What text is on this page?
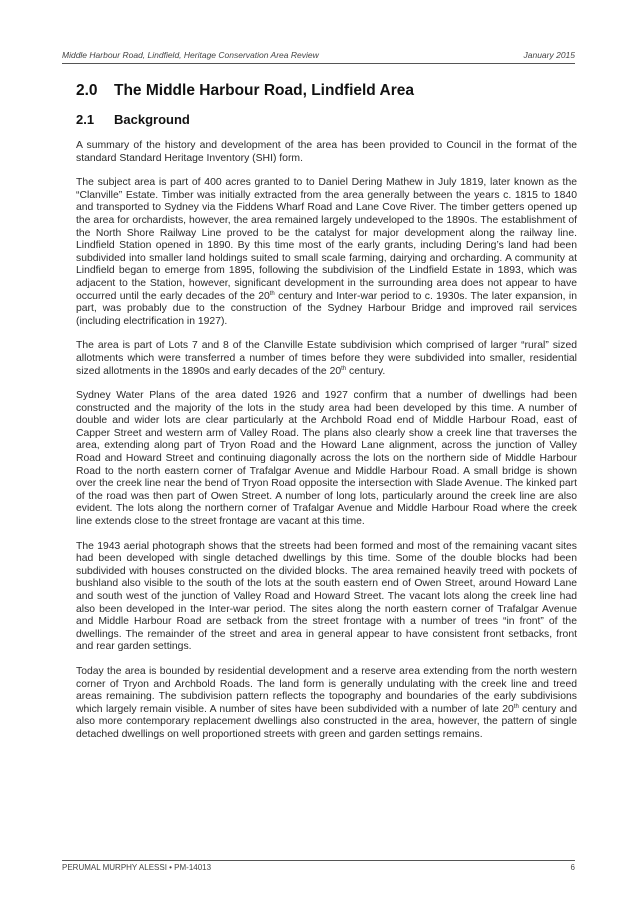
Middle Harbour Road, Lindfield, Heritage Conservation Area Review	January 2015
2.0 The Middle Harbour Road, Lindfield Area
2.1 Background

A summary of the history and development of the area has been provided to Council in the format of the standard Standard Heritage Inventory (SHI) form.

The subject area is part of 400 acres granted to to Daniel Dering Mathew in July 1819, later known as the “Clanville” Estate. Timber was initially extracted from the area generally between the years c. 1815 to 1840 and transported to Sydney via the Fiddens Wharf Road and Lane Cove River. The timber getters opened up the area for orchardists, however, the area remained largely undeveloped to the 1890s. The establishment of the North Shore Railway Line proved to be the catalyst for major development along the railway line. Lindfield Station opened in 1890. By this time most of the early grants, including Dering’s land had been subdivided into smaller land holdings suited to small scale farming, dairying and orcharding. A community at Lindfield began to emerge from 1895, following the subdivision of the Lindfield Estate in 1893, which was adjacent to the Station, however, significant development in the surrounding area does not appear to have occurred until the early decades of the 20th century and Inter-war period to c. 1930s. The later expansion, in part, was probably due to the construction of the Sydney Harbour Bridge and improved rail services (including electrification in 1927).

The area is part of Lots 7 and 8 of the Clanville Estate subdivision which comprised of larger “rural” sized allotments which were transferred a number of times before they were subdivided into smaller, residential sized allotments in the 1890s and early decades of the 20th century.

Sydney Water Plans of the area dated 1926 and 1927 confirm that a number of dwellings had been constructed and the majority of the lots in the study area had been developed by this time. A number of double and wider lots are clear particularly at the Archbold Road end of Middle Harbour Road, east of Capper Street and western arm of Valley Road. The plans also clearly show a creek line that traverses the area, extending along part of Tryon Road and the Howard Lane alignment, across the junction of Valley Road and Howard Street and continuing diagonally across the lots on the northern side of Middle Harbour Road to the north eastern corner of Trafalgar Avenue and Middle Harbour Road. A small bridge is shown over the creek line near the bend of Tryon Road opposite the intersection with Slade Avenue. The kinked part of the road was then part of Owen Street. A number of long lots, particularly around the creek line are also evident. The lots along the northern corner of Trafalgar Avenue and Middle Harbour Road where the creek line extends close to the street frontage are vacant at this time.

The 1943 aerial photograph shows that the streets had been formed and most of the remaining vacant sites had been developed with single detached dwellings by this time. Some of the double blocks had been subdivided with houses constructed on the divided blocks. The area remained heavily treed with pockets of bushland also visible to the south of the lots at the south eastern end of Owen Street, around Howard Lane and south west of the junction of Valley Road and Howard Street. The vacant lots along the creek line had also been developed in the Inter-war period. The sites along the north eastern corner of Trafalgar Avenue and Middle Harbour Road are setback from the street frontage with a number of trees “in front” of the dwellings. The remainder of the street and area in general appear to have consistent front setbacks, front and rear garden settings.

Today the area is bounded by residential development and a reserve area extending from the north western corner of Tryon and Archbold Roads. The land form is generally undulating with the creek line and treed areas remaining. The subdivision pattern reflects the topography and boundaries of the early subdivisions which largely remain visible. A number of sites have been subdivided with a number of late 20th century and also more contemporary replacement dwellings also constructed in the area, however, the pattern of single detached dwellings on well proportioned streets with green and garden settings remains.

PERUMAL MURPHY ALESSI • PM-14013	6
